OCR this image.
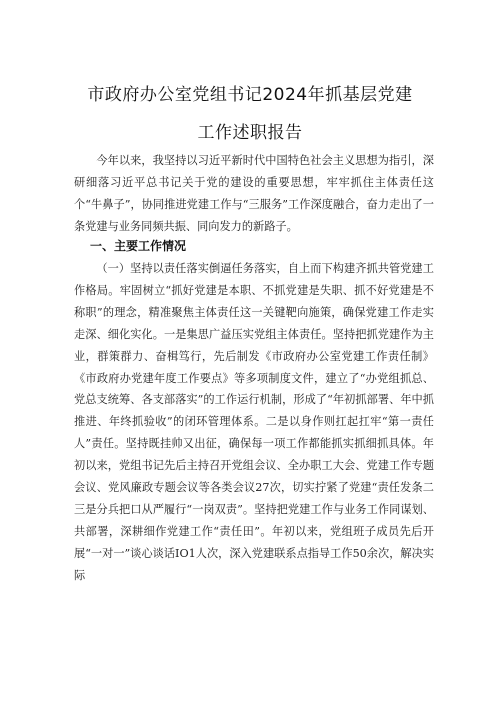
市政府办公室党组书记2024年抓基层党建
工作述职报告
今年以来，我坚持以习近平新时代中国特色社会主义思想为指引，深研细落习近平总书记关于党的建设的重要思想，牢牢抓住主体责任这个“牛鼻子”，协同推进党建工作与“三服务”工作深度融合，奋力走出了一条党建与业务同频共振、同向发力的新路子。
一、主要工作情况
（一）坚持以责任落实倒逼任务落实，自上而下构建齐抓共管党建工作格局。牢固树立“抓好党建是本职、不抓党建是失职、抓不好党建是不称职”的理念，精准聚焦主体责任这一关键靶向施策，确保党建工作走实走深、细化实化。一是集思广益压实党组主体责任。坚持把抓党建作为主业，群策群力、奋楫笃行，先后制发《市政府办公室党建工作责任制》《市政府办党建年度工作要点》等多项制度文件，建立了“办党组抓总、党总支统筹、各支部落实”的工作运行机制，形成了“年初抓部署、年中抓推进、年终抓验收”的闭环管理体系。二是以身作则扛起扛牢“第一责任人”责任。坚持既挂帅又出征，确保每一项工作都能抓实抓细抓具体。年初以来，党组书记先后主持召开党组会议、全办职工大会、党建工作专题会议、党风廉政专题会议等各类会议27次，切实拧紧了党建“责任发条二三是分兵把口从严履行“一岗双责”。坚持把党建工作与业务工作同谋划、共部署，深耕细作党建工作“责任田”。年初以来，党组班子成员先后开展“一对一”谈心谈话IO1人次，深入党建联系点指导工作50余次，解决实际
